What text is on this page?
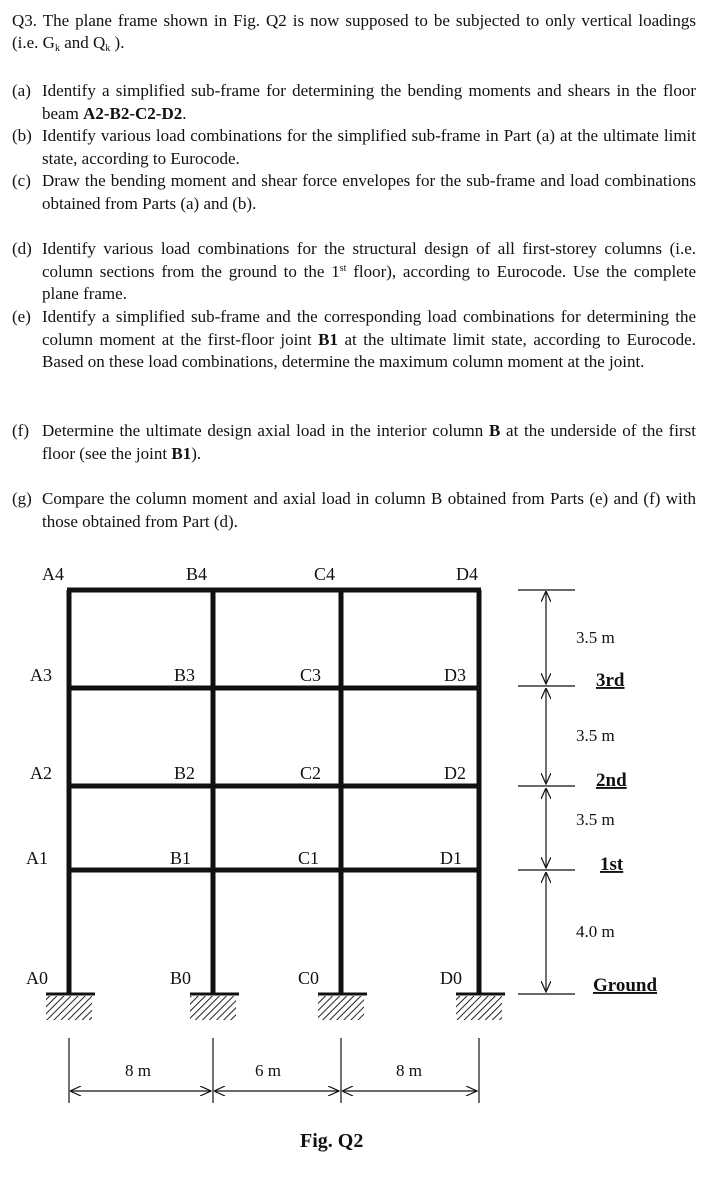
Q3. The plane frame shown in Fig. Q2 is now supposed to be subjected to only vertical loadings (i.e. $G_k$ and $Q_k$ ).
(a) Identify a simplified sub-frame for determining the bending moments and shears in the floor beam A2-B2-C2-D2.
(b) Identify various load combinations for the simplified sub-frame in Part (a) at the ultimate limit state, according to Eurocode.
(c) Draw the bending moment and shear force envelopes for the sub-frame and load combinations obtained from Parts (a) and (b).
(d) Identify various load combinations for the structural design of all first-storey columns (i.e. column sections from the ground to the 1st floor), according to Eurocode. Use the complete plane frame.
(e) Identify a simplified sub-frame and the corresponding load combinations for determining the column moment at the first-floor joint B1 at the ultimate limit state, according to Eurocode. Based on these load combinations, determine the maximum column moment at the joint.
(f) Determine the ultimate design axial load in the interior column B at the underside of the first floor (see the joint B1).
(g) Compare the column moment and axial load in column B obtained from Parts (e) and (f) with those obtained from Part (d).
A4	B4	C4	D4
A3	B3	C3	D3
A2	B2	C2	D2
A1	B1	C1	D1
A0	B0	C0	D0
3.5 m
3.5 m
3.5 m
4.0 m
3rd
2nd
1st
Ground
8 m	6 m	8 m
Fig. Q2
